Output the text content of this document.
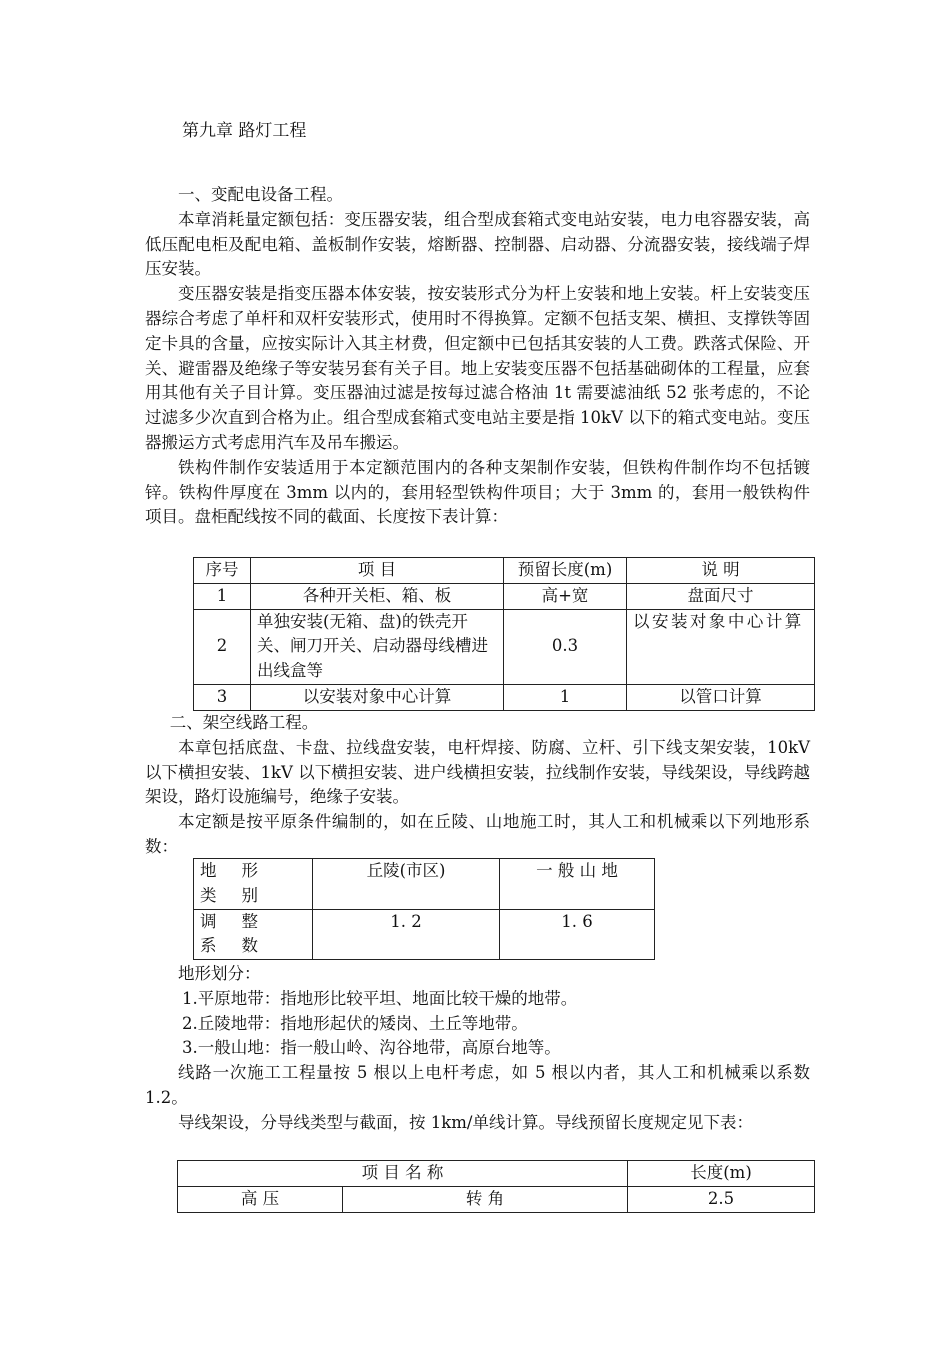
第九章 路灯工程

一、变配电设备工程。

本章消耗量定额包括：变压器安装，组合型成套箱式变电站安装，电力电容器安装，高低压配电柜及配电箱、盖板制作安装，熔断器、控制器、启动器、分流器安装，接线端子焊压安装。

变压器安装是指变压器本体安装，按安装形式分为杆上安装和地上安装。杆上安装变压器综合考虑了单杆和双杆安装形式，使用时不得换算。定额不包括支架、横担、支撑铁等固定卡具的含量，应按实际计入其主材费，但定额中已包括其安装的人工费。跌落式保险、开关、避雷器及绝缘子等安装另套有关子目。地上安装变压器不包括基础砌体的工程量，应套用其他有关子目计算。变压器油过滤是按每过滤合格油 1t 需要滤油纸 52 张考虑的，不论过滤多少次直到合格为止。组合型成套箱式变电站主要是指 10kV 以下的箱式变电站。变压器搬运方式考虑用汽车及吊车搬运。

铁构件制作安装适用于本定额范围内的各种支架制作安装，但铁构件制作均不包括镀锌。铁构件厚度在 3mm 以内的，套用轻型铁构件项目；大于 3mm 的，套用一般铁构件项目。盘柜配线按不同的截面、长度按下表计算：

序号	项 目	预留长度(m)	说 明
1	各种开关柜、箱、板	高+宽	盘面尺寸
2	单独安装(无箱、盘)的铁壳开关、闸刀开关、启动器母线槽进出线盒等	0.3	以安装对象中心计算
3	以安装对象中心计算	1	以管口计算

二、架空线路工程。

本章包括底盘、卡盘、拉线盘安装，电杆焊接、防腐、立杆、引下线支架安装，10kV 以下横担安装、1kV 以下横担安装、进户线横担安装，拉线制作安装，导线架设，导线跨越架设，路灯设施编号，绝缘子安装。

本定额是按平原条件编制的，如在丘陵、山地施工时，其人工和机械乘以下列地形系数：

地 形 类 别	丘陵(市区)	一 般 山 地
调 整 系 数	1. 2	1. 6

地形划分：

1.平原地带：指地形比较平坦、地面比较干燥的地带。

2.丘陵地带：指地形起伏的矮岗、土丘等地带。

3.一般山地：指一般山岭、沟谷地带，高原台地等。

线路一次施工工程量按 5 根以上电杆考虑，如 5 根以内者，其人工和机械乘以系数 1.2。

导线架设，分导线类型与截面，按 1km/单线计算。导线预留长度规定见下表：

项 目 名 称		长度(m)
高 压	转 角	2.5
